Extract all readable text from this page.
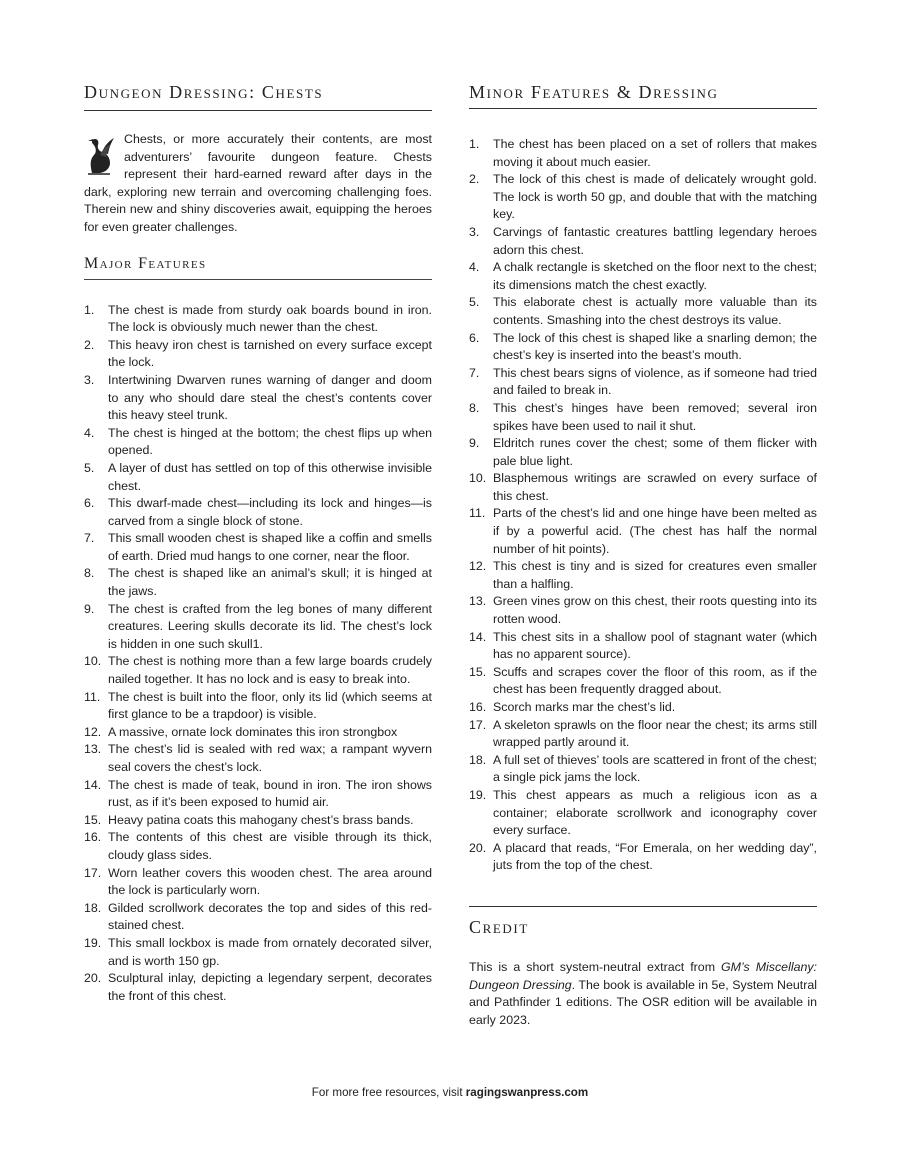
Dungeon Dressing: Chests

Chests, or more accurately their contents, are most adventurers’ favourite dungeon feature. Chests represent their hard-earned reward after days in the dark, exploring new terrain and overcoming challenging foes. Therein new and shiny discoveries await, equipping the heroes for even greater challenges.

Major Features
1. The chest is made from sturdy oak boards bound in iron. The lock is obviously much newer than the chest.
2. This heavy iron chest is tarnished on every surface except the lock.
3. Intertwining Dwarven runes warning of danger and doom to any who should dare steal the chest’s contents cover this heavy steel trunk.
4. The chest is hinged at the bottom; the chest flips up when opened.
5. A layer of dust has settled on top of this otherwise invisible chest.
6. This dwarf-made chest—including its lock and hinges—is carved from a single block of stone.
7. This small wooden chest is shaped like a coffin and smells of earth. Dried mud hangs to one corner, near the floor.
8. The chest is shaped like an animal’s skull; it is hinged at the jaws.
9. The chest is crafted from the leg bones of many different creatures. Leering skulls decorate its lid. The chest’s lock is hidden in one such skull1.
10. The chest is nothing more than a few large boards crudely nailed together. It has no lock and is easy to break into.
11. The chest is built into the floor, only its lid (which seems at first glance to be a trapdoor) is visible.
12. A massive, ornate lock dominates this iron strongbox
13. The chest’s lid is sealed with red wax; a rampant wyvern seal covers the chest’s lock.
14. The chest is made of teak, bound in iron. The iron shows rust, as if it’s been exposed to humid air.
15. Heavy patina coats this mahogany chest’s brass bands.
16. The contents of this chest are visible through its thick, cloudy glass sides.
17. Worn leather covers this wooden chest. The area around the lock is particularly worn.
18. Gilded scrollwork decorates the top and sides of this red-stained chest.
19. This small lockbox is made from ornately decorated silver, and is worth 150 gp.
20. Sculptural inlay, depicting a legendary serpent, decorates the front of this chest.
Minor Features & Dressing
1. The chest has been placed on a set of rollers that makes moving it about much easier.
2. The lock of this chest is made of delicately wrought gold. The lock is worth 50 gp, and double that with the matching key.
3. Carvings of fantastic creatures battling legendary heroes adorn this chest.
4. A chalk rectangle is sketched on the floor next to the chest; its dimensions match the chest exactly.
5. This elaborate chest is actually more valuable than its contents. Smashing into the chest destroys its value.
6. The lock of this chest is shaped like a snarling demon; the chest’s key is inserted into the beast’s mouth.
7. This chest bears signs of violence, as if someone had tried and failed to break in.
8. This chest’s hinges have been removed; several iron spikes have been used to nail it shut.
9. Eldritch runes cover the chest; some of them flicker with pale blue light.
10. Blasphemous writings are scrawled on every surface of this chest.
11. Parts of the chest’s lid and one hinge have been melted as if by a powerful acid. (The chest has half the normal number of hit points).
12. This chest is tiny and is sized for creatures even smaller than a halfling.
13. Green vines grow on this chest, their roots questing into its rotten wood.
14. This chest sits in a shallow pool of stagnant water (which has no apparent source).
15. Scuffs and scrapes cover the floor of this room, as if the chest has been frequently dragged about.
16. Scorch marks mar the chest’s lid.
17. A skeleton sprawls on the floor near the chest; its arms still wrapped partly around it.
18. A full set of thieves’ tools are scattered in front of the chest; a single pick jams the lock.
19. This chest appears as much a religious icon as a container; elaborate scrollwork and iconography cover every surface.
20. A placard that reads, “For Emerala, on her wedding day”, juts from the top of the chest.
Credit

This is a short system-neutral extract from GM’s Miscellany: Dungeon Dressing. The book is available in 5e, System Neutral and Pathfinder 1 editions. The OSR edition will be available in early 2023.

For more free resources, visit ragingswanpress.com
